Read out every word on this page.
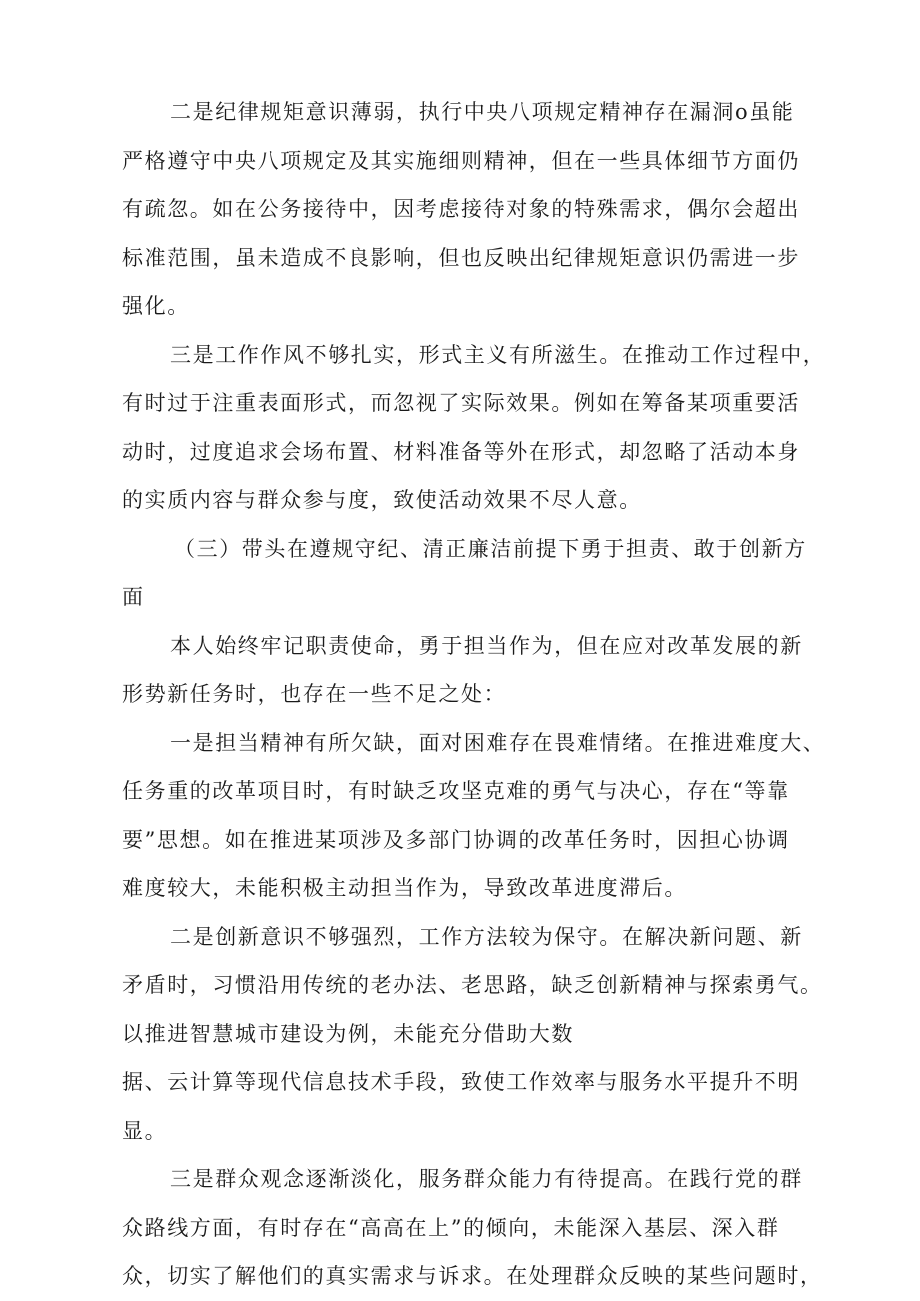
二是纪律规矩意识薄弱，执行中央八项规定精神存在漏洞o虽能
严格遵守中央八项规定及其实施细则精神，但在一些具体细节方面仍
有疏忽。如在公务接待中，因考虑接待对象的特殊需求，偶尔会超出
标准范围，虽未造成不良影响，但也反映出纪律规矩意识仍需进一步
强化。

三是工作作风不够扎实，形式主义有所滋生。在推动工作过程中，
有时过于注重表面形式，而忽视了实际效果。例如在筹备某项重要活
动时，过度追求会场布置、材料准备等外在形式，却忽略了活动本身
的实质内容与群众参与度，致使活动效果不尽人意。

（三）带头在遵规守纪、清正廉洁前提下勇于担责、敢于创新方
面

本人始终牢记职责使命，勇于担当作为，但在应对改革发展的新
形势新任务时，也存在一些不足之处：

一是担当精神有所欠缺，面对困难存在畏难情绪。在推进难度大、
任务重的改革项目时，有时缺乏攻坚克难的勇气与决心，存在“等靠
要”思想。如在推进某项涉及多部门协调的改革任务时，因担心协调
难度较大，未能积极主动担当作为，导致改革进度滞后。

二是创新意识不够强烈，工作方法较为保守。在解决新问题、新
矛盾时，习惯沿用传统的老办法、老思路，缺乏创新精神与探索勇气。
以推进智慧城市建设为例，未能充分借助大数

据、云计算等现代信息技术手段，致使工作效率与服务水平提升不明
显。

三是群众观念逐渐淡化，服务群众能力有待提高。在践行党的群
众路线方面，有时存在“高高在上”的倾向，未能深入基层、深入群
众，切实了解他们的真实需求与诉求。在处理群众反映的某些问题时，
